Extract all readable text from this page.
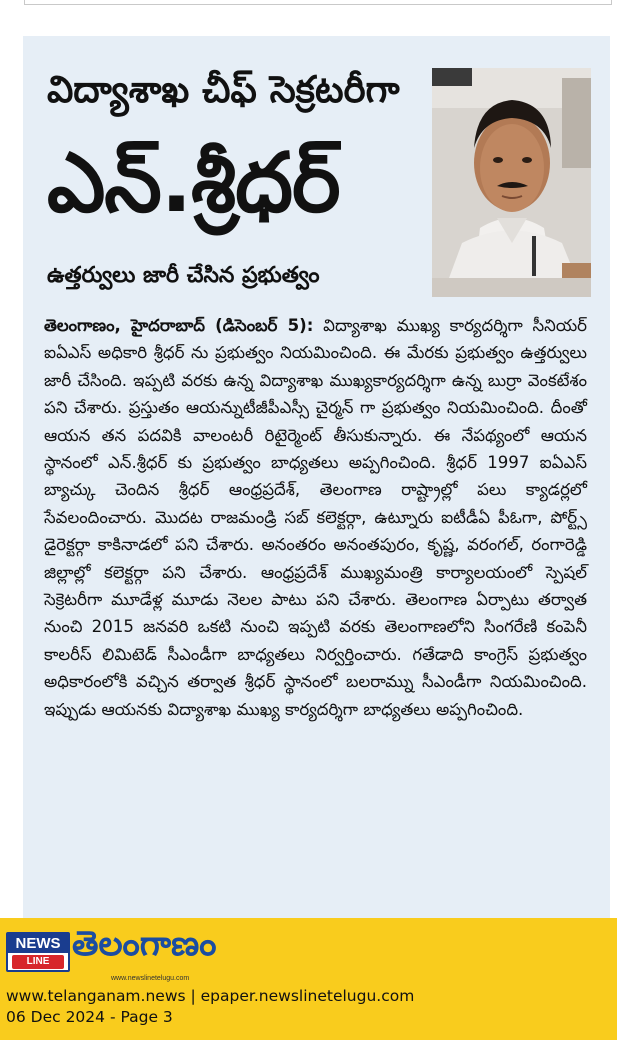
విద్యాశాఖ చీఫ్ సెక్రటరీగా
ఎన్.శ్రీధర్
ఉత్తర్వులు జారీ చేసిన ప్రభుత్వం

తెలంగాణం, హైదరాబాద్ (డిసెంబర్ 5): విద్యాశాఖ ముఖ్య కార్యదర్శిగా సీనియర్ ఐఏఎస్ అధికారి శ్రీధర్ ను ప్రభుత్వం నియమించింది. ఈ మేరకు ప్రభుత్వం ఉత్తర్వులు జారీ చేసింది. ఇప్పటి వరకు ఉన్న విద్యాశాఖ ముఖ్యకార్యదర్శిగా ఉన్న బుర్రా వెంకటేశం పని చేశారు. ప్రస్తుతం ఆయన్నుటీజీపీఎస్సీ చైర్మన్ గా ప్రభుత్వం నియమించింది. దీంతో ఆయన తన పదవికి వాలంటరీ రిటైర్మెంట్ తీసుకున్నారు. ఈ నేపథ్యంలో ఆయన స్థానంలో ఎన్.శ్రీధర్ కు ప్రభుత్వం బాధ్యతలు అప్పగించింది. శ్రీధర్ 1997 ఐఏఎస్ బ్యాచ్కు చెందిన శ్రీధర్ ఆంధ్రప్రదేశ్, తెలంగాణ రాష్ట్రాల్లో పలు క్యాడర్లలో సేవలందించారు. మొదట రాజమండ్రి సబ్ కలెక్టర్గా, ఉట్నూరు ఐటీడీఏ పీఓగా, పోర్ట్స్ డైరెక్టర్గా కాకినాడలో పని చేశారు. అనంతరం అనంతపురం, కృష్ణ, వరంగల్, రంగారెడ్డి జిల్లాల్లో కలెక్టర్గా పని చేశారు. ఆంధ్రప్రదేశ్ ముఖ్యమంత్రి కార్యాలయంలో స్పెషల్ సెక్రెటరీగా మూడేళ్ల మూడు నెలల పాటు పని చేశారు. తెలంగాణ ఏర్పాటు తర్వాత నుంచి 2015 జనవరి ఒకటి నుంచి ఇప్పటి వరకు తెలంగాణలోని సింగరేణి కంపెనీ కాలరీస్ లిమిటెడ్ సీఎండీగా బాధ్యతలు నిర్వర్తించారు. గతేడాది కాంగ్రెస్ ప్రభుత్వం అధికారంలోకి వచ్చిన తర్వాత శ్రీధర్ స్థానంలో బలరామ్ను సీఎండీగా నియమించింది. ఇప్పుడు ఆయనకు విద్యాశాఖ ముఖ్య కార్యదర్శిగా బాధ్యతలు అప్పగించింది.

NEWS
LINE తెలంగాణం
www.newslinetelugu.com
www.telanganam.news | epaper.newslinetelugu.com
06 Dec 2024 - Page 3
